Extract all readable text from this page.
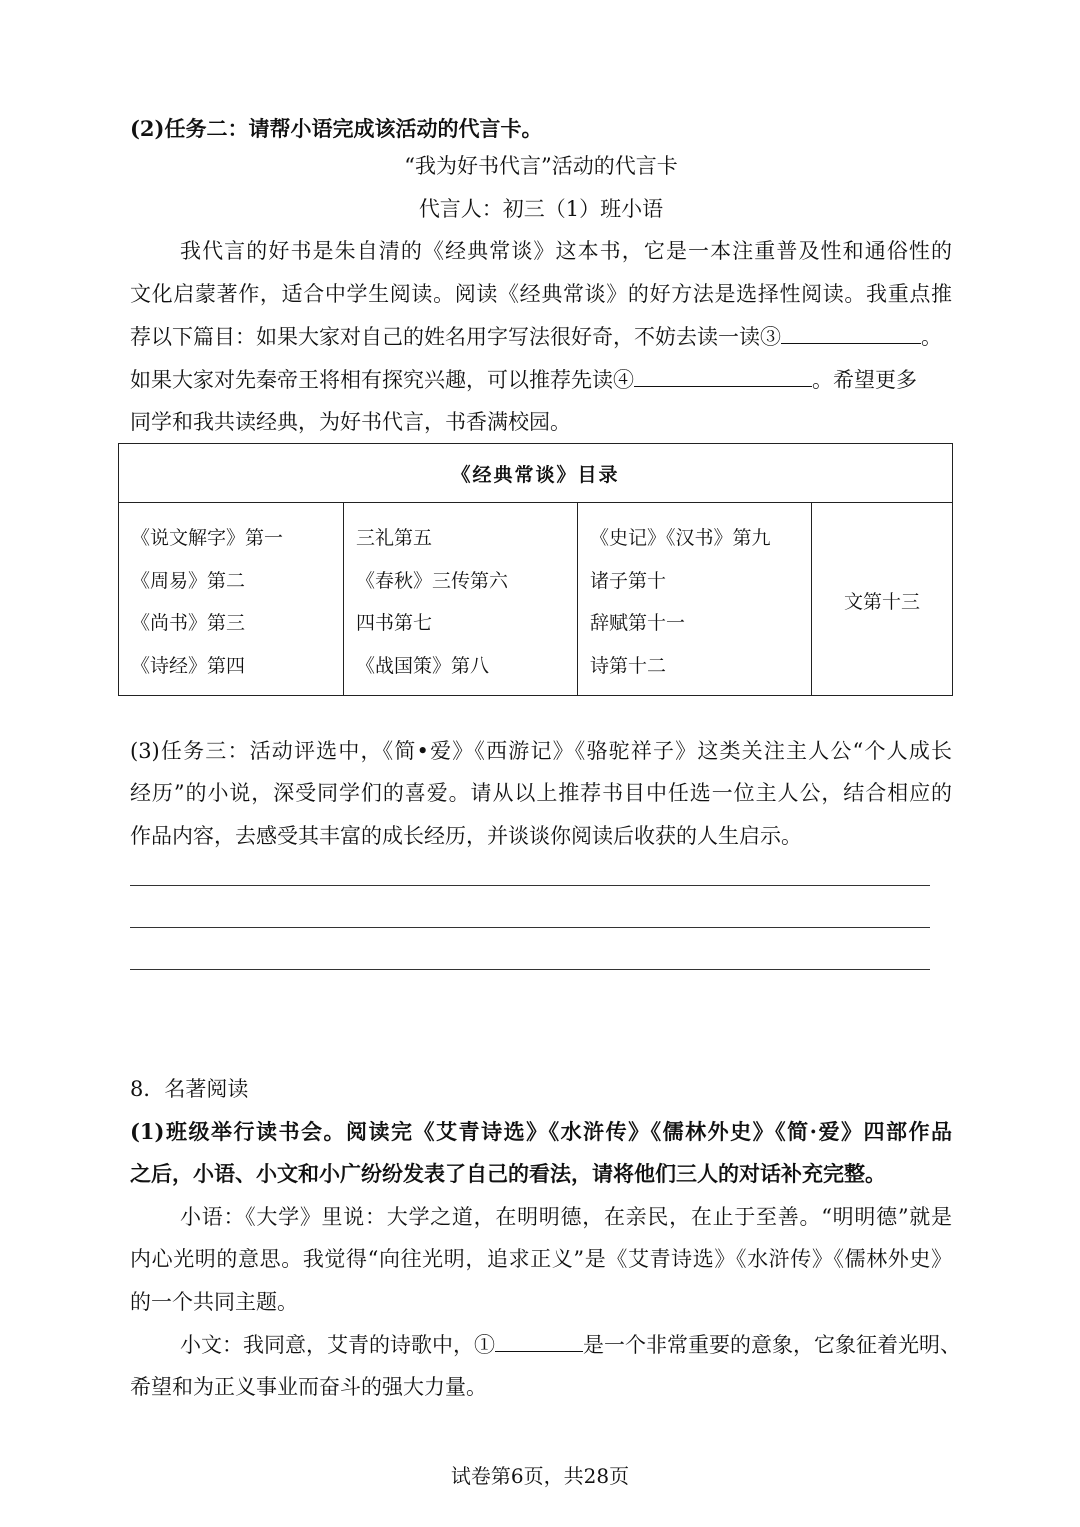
(2)任务二：请帮小语完成该活动的代言卡。
“我为好书代言”活动的代言卡
代言人：初三（1）班小语
我代言的好书是朱自清的《经典常谈》这本书，它是一本注重普及性和通俗性的
文化启蒙著作，适合中学生阅读。阅读《经典常谈》的好方法是选择性阅读。我重点推
荐以下篇目：如果大家对自己的姓名用字写法很好奇，不妨去读一读③	。
如果大家对先秦帝王将相有探究兴趣，可以推荐先读④	。希望更多
同学和我共读经典，为好书代言，书香满校园。
《经典常谈》目录

《说文解字》第一
《周易》第二
《尚书》第三
《诗经》第四

三礼第五
《春秋》三传第六
四书第七
《战国策》第八

《史记》《汉书》第九
诸子第十
辞赋第十一
诗第十二
	文第十三
(3)任务三：活动评选中，《简•爱》《西游记》《骆驼祥子》这类关注主人公“个人成长
经历”的小说，深受同学们的喜爱。请从以上推荐书目中任选一位主人公，结合相应的
作品内容，去感受其丰富的成长经历，并谈谈你阅读后收获的人生启示。
8．名著阅读
(1)班级举行读书会。阅读完《艾青诗选》《水浒传》《儒林外史》《简·爱》四部作品
之后，小语、小文和小广纷纷发表了自己的看法，请将他们三人的对话补充完整。
小语：《大学》里说：大学之道，在明明德，在亲民，在止于至善。“明明德”就是
内心光明的意思。我觉得“向往光明，追求正义”是《艾青诗选》《水浒传》《儒林外史》
的一个共同主题。
小文：我同意，艾青的诗歌中，①	是一个非常重要的意象，它象征着光明、
希望和为正义事业而奋斗的强大力量。
试卷第6页，共28页
